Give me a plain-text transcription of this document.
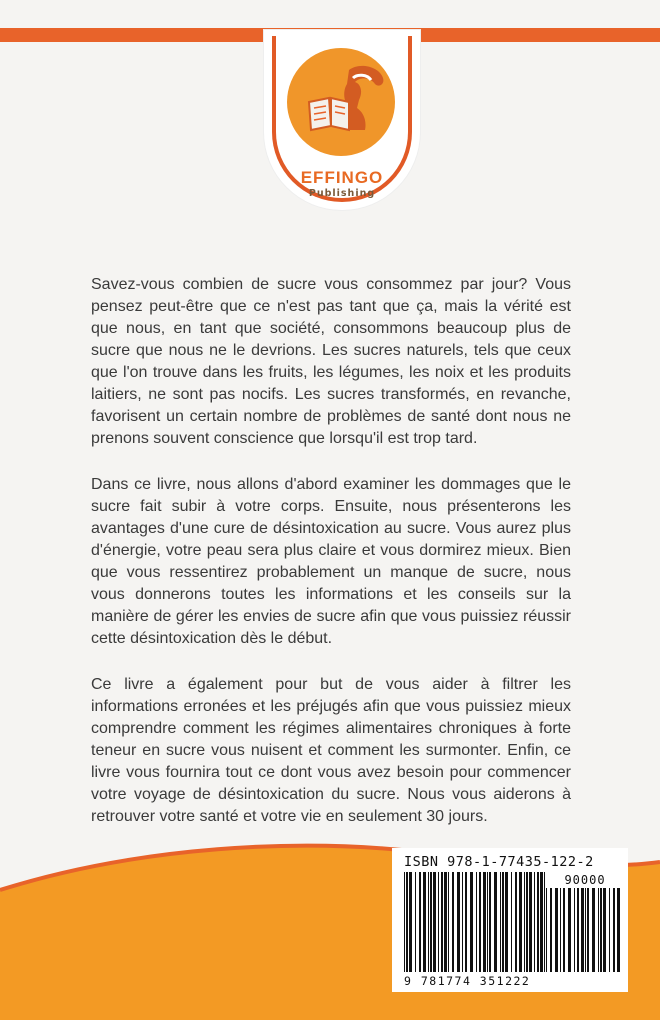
EFFINGO
Publishing
Savez-vous combien de sucre vous consommez par jour? Vous pensez peut-être que ce n'est pas tant que ça, mais la vérité est que nous, en tant que société, consommons beaucoup plus de sucre que nous ne le devrions. Les sucres naturels, tels que ceux que l'on trouve dans les fruits, les légumes, les noix et les produits laitiers, ne sont pas nocifs. Les sucres transformés, en revanche, favorisent un certain nombre de problèmes de santé dont nous ne prenons souvent conscience que lorsqu'il est trop tard.
Dans ce livre, nous allons d'abord examiner les dommages que le sucre fait subir à votre corps. Ensuite, nous présenterons les avantages d'une cure de désintoxication au sucre. Vous aurez plus d'énergie, votre peau sera plus claire et vous dormirez mieux. Bien que vous ressentirez probablement un manque de sucre, nous vous donnerons toutes les informations et les conseils sur la manière de gérer les envies de sucre afin que vous puissiez réussir cette désintoxication dès le début.
Ce livre a également pour but de vous aider à filtrer les informations erronées et les préjugés afin que vous puissiez mieux comprendre comment les régimes alimentaires chroniques à forte teneur en sucre vous nuisent et comment les surmonter. Enfin, ce livre vous fournira tout ce dont vous avez besoin pour commencer votre voyage de désintoxication du sucre. Nous vous aiderons à retrouver votre santé et votre vie en seulement 30 jours.
ISBN 978-1-77435-122-2
90000
9 781774 351222
